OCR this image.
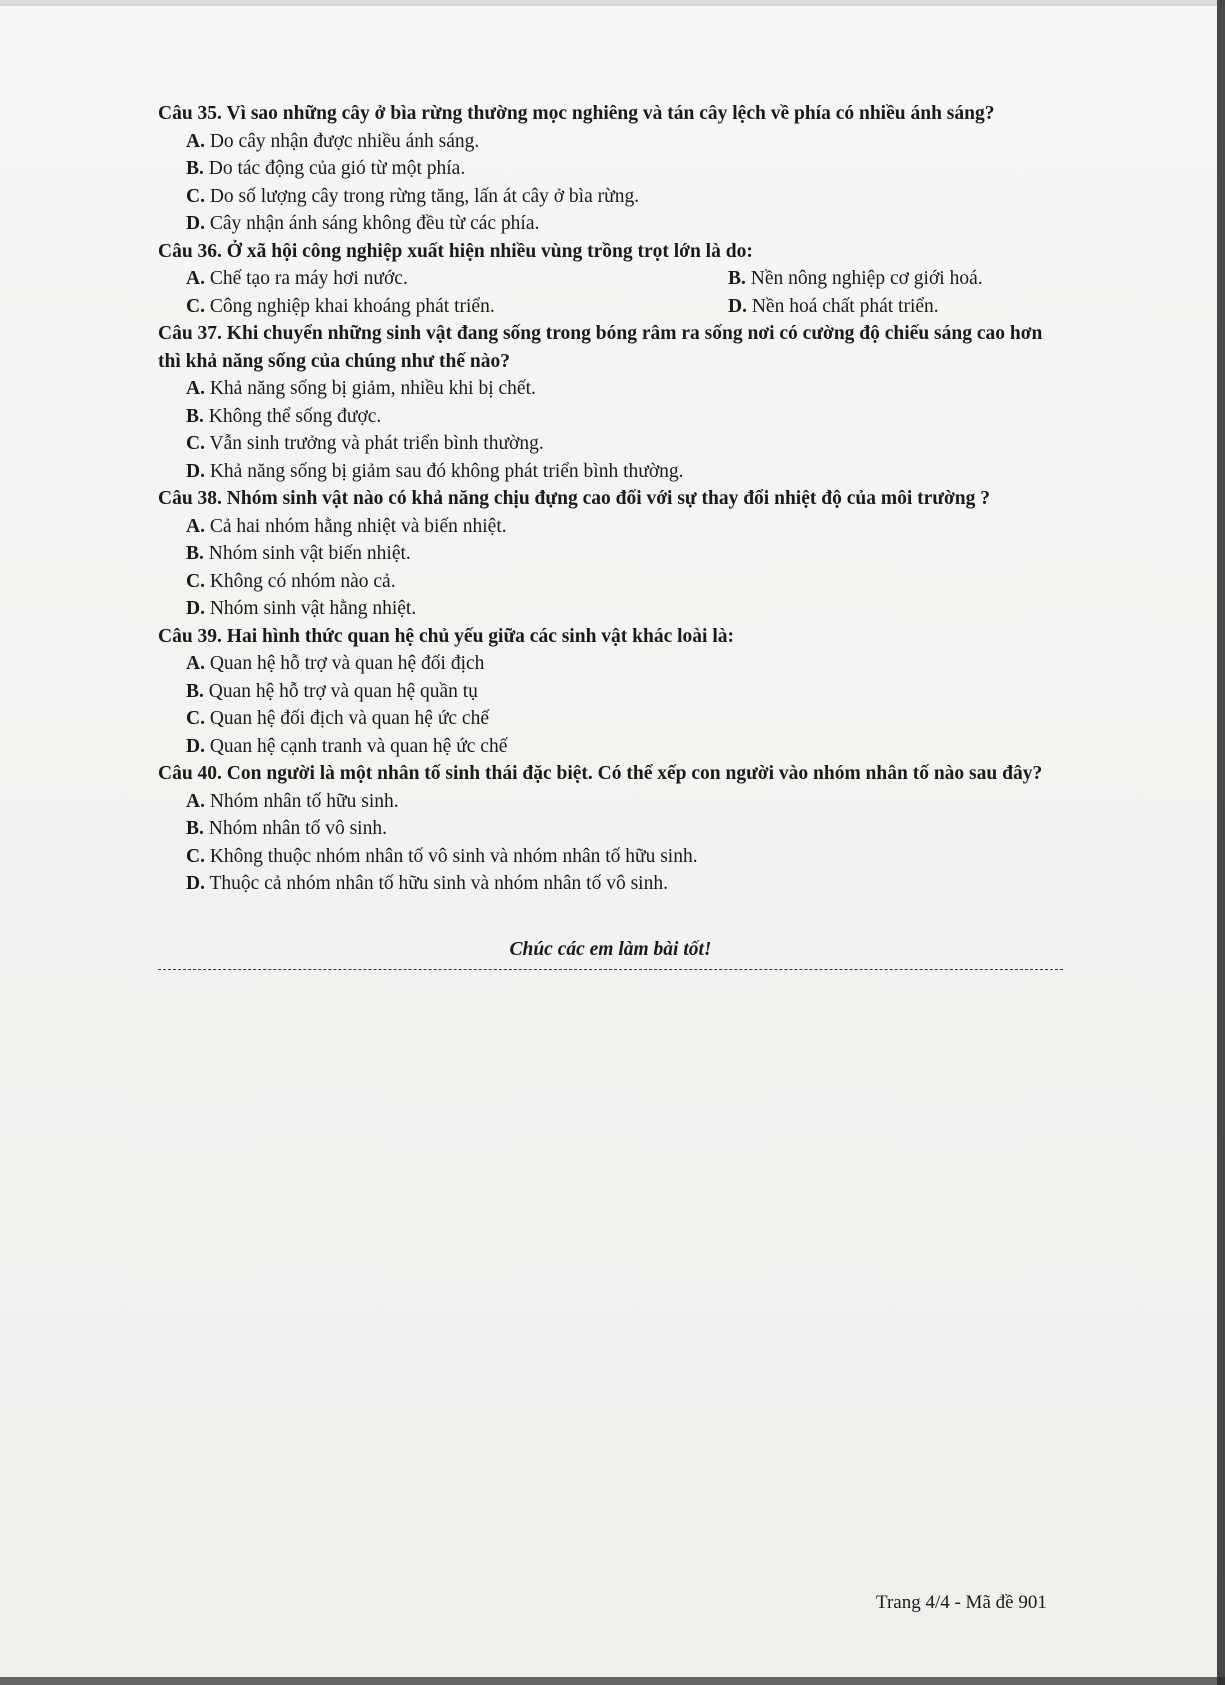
Câu 35. Vì sao những cây ở bìa rừng thường mọc nghiêng và tán cây lệch về phía có nhiều ánh sáng?

A. Do cây nhận được nhiều ánh sáng.

B. Do tác động của gió từ một phía.

C. Do số lượng cây trong rừng tăng, lấn át cây ở bìa rừng.

D. Cây nhận ánh sáng không đều từ các phía.

Câu 36. Ở xã hội công nghiệp xuất hiện nhiều vùng trồng trọt lớn là do:

A. Chế tạo ra máy hơi nước.	B. Nền nông nghiệp cơ giới hoá.

C. Công nghiệp khai khoáng phát triển.	D. Nền hoá chất phát triển.

Câu 37. Khi chuyển những sinh vật đang sống trong bóng râm ra sống nơi có cường độ chiếu sáng cao hơn thì khả năng sống của chúng như thế nào?

A. Khả năng sống bị giảm, nhiều khi bị chết.

B. Không thể sống được.

C. Vẫn sinh trưởng và phát triển bình thường.

D. Khả năng sống bị giảm sau đó không phát triển bình thường.

Câu 38. Nhóm sinh vật nào có khả năng chịu đựng cao đối với sự thay đổi nhiệt độ của môi trường ?

A. Cả hai nhóm hằng nhiệt và biến nhiệt.

B. Nhóm sinh vật biến nhiệt.

C. Không có nhóm nào cả.

D. Nhóm sinh vật hằng nhiệt.

Câu 39. Hai hình thức quan hệ chủ yếu giữa các sinh vật khác loài là:

A. Quan hệ hỗ trợ và quan hệ đối địch

B. Quan hệ hỗ trợ và quan hệ quần tụ

C. Quan hệ đối địch và quan hệ ức chế

D. Quan hệ cạnh tranh và quan hệ ức chế

Câu 40. Con người là một nhân tố sinh thái đặc biệt. Có thể xếp con người vào nhóm nhân tố nào sau đây?

A. Nhóm nhân tố hữu sinh.

B. Nhóm nhân tố vô sinh.

C. Không thuộc nhóm nhân tố vô sinh và nhóm nhân tố hữu sinh.

D. Thuộc cả nhóm nhân tố hữu sinh và nhóm nhân tố vô sinh.

Chúc các em làm bài tốt!
Trang 4/4 - Mã đề 901
